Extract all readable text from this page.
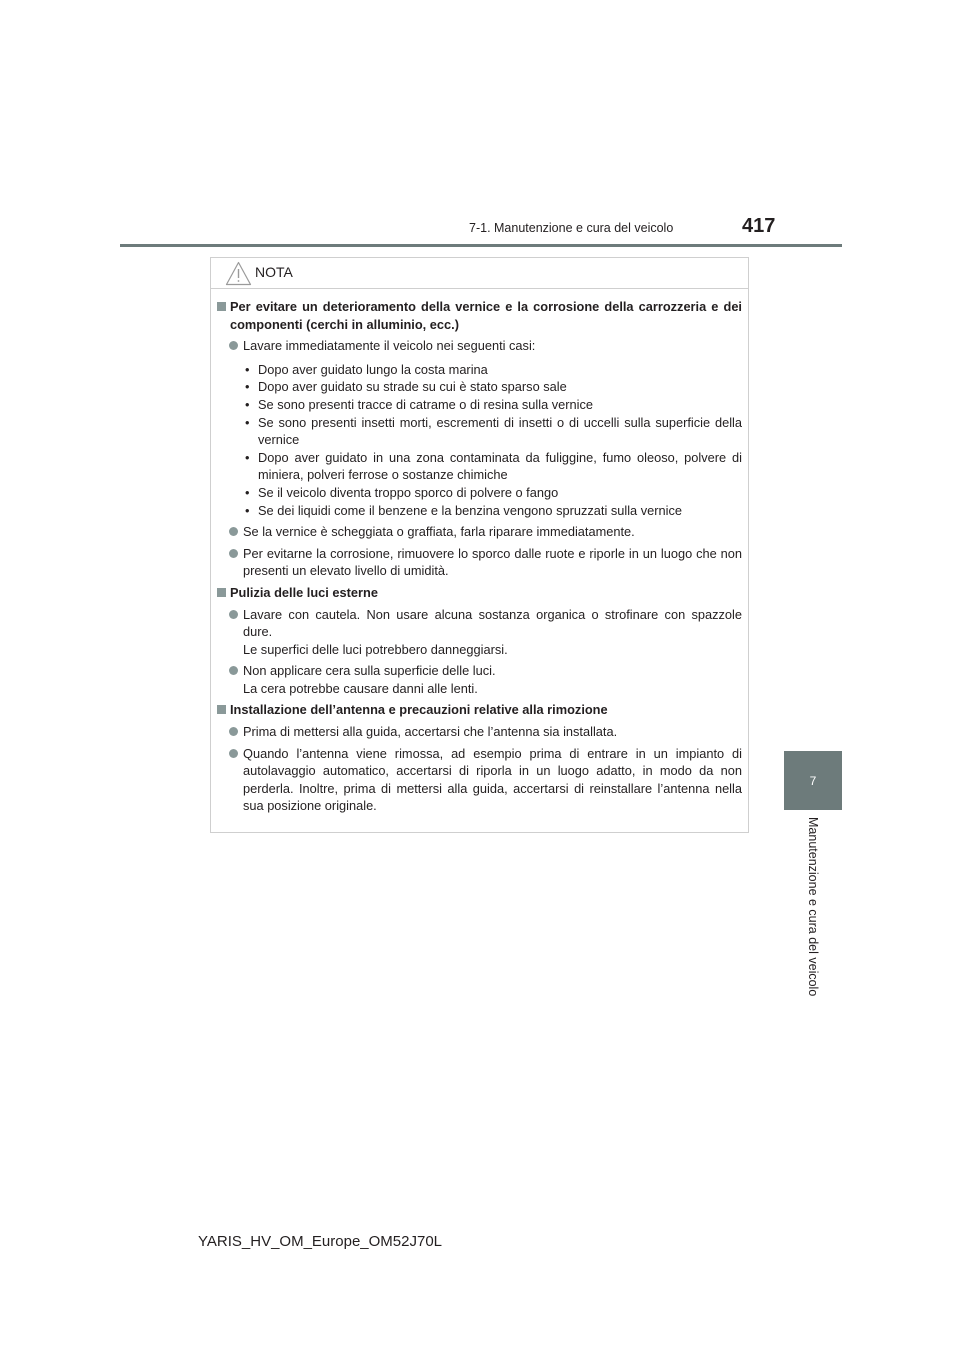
7-1. Manutenzione e cura del veicolo	417
7
Manutenzione e cura del veicolo
NOTA
Per evitare un deterioramento della vernice e la corrosione della carrozzeria e dei componenti (cerchi in alluminio, ecc.)
Lavare immediatamente il veicolo nei seguenti casi:
• Dopo aver guidato lungo la costa marina
• Dopo aver guidato su strade su cui è stato sparso sale
• Se sono presenti tracce di catrame o di resina sulla vernice
• Se sono presenti insetti morti, escrementi di insetti o di uccelli sulla superficie della vernice
• Dopo aver guidato in una zona contaminata da fuliggine, fumo oleoso, polvere di miniera, polveri ferrose o sostanze chimiche
• Se il veicolo diventa troppo sporco di polvere o fango
• Se dei liquidi come il benzene e la benzina vengono spruzzati sulla vernice
Se la vernice è scheggiata o graffiata, farla riparare immediatamente.
Per evitarne la corrosione, rimuovere lo sporco dalle ruote e riporle in un luogo che non presenti un elevato livello di umidità.
Pulizia delle luci esterne
Lavare con cautela. Non usare alcuna sostanza organica o strofinare con spazzole dure.
Le superfici delle luci potrebbero danneggiarsi.
Non applicare cera sulla superficie delle luci.
La cera potrebbe causare danni alle lenti.
Installazione dell’antenna e precauzioni relative alla rimozione
Prima di mettersi alla guida, accertarsi che l’antenna sia installata.
Quando l’antenna viene rimossa, ad esempio prima di entrare in un impianto di autolavaggio automatico, accertarsi di riporla in un luogo adatto, in modo da non perderla. Inoltre, prima di mettersi alla guida, accertarsi di reinstallare l’antenna nella sua posizione originale.
YARIS_HV_OM_Europe_OM52J70L
